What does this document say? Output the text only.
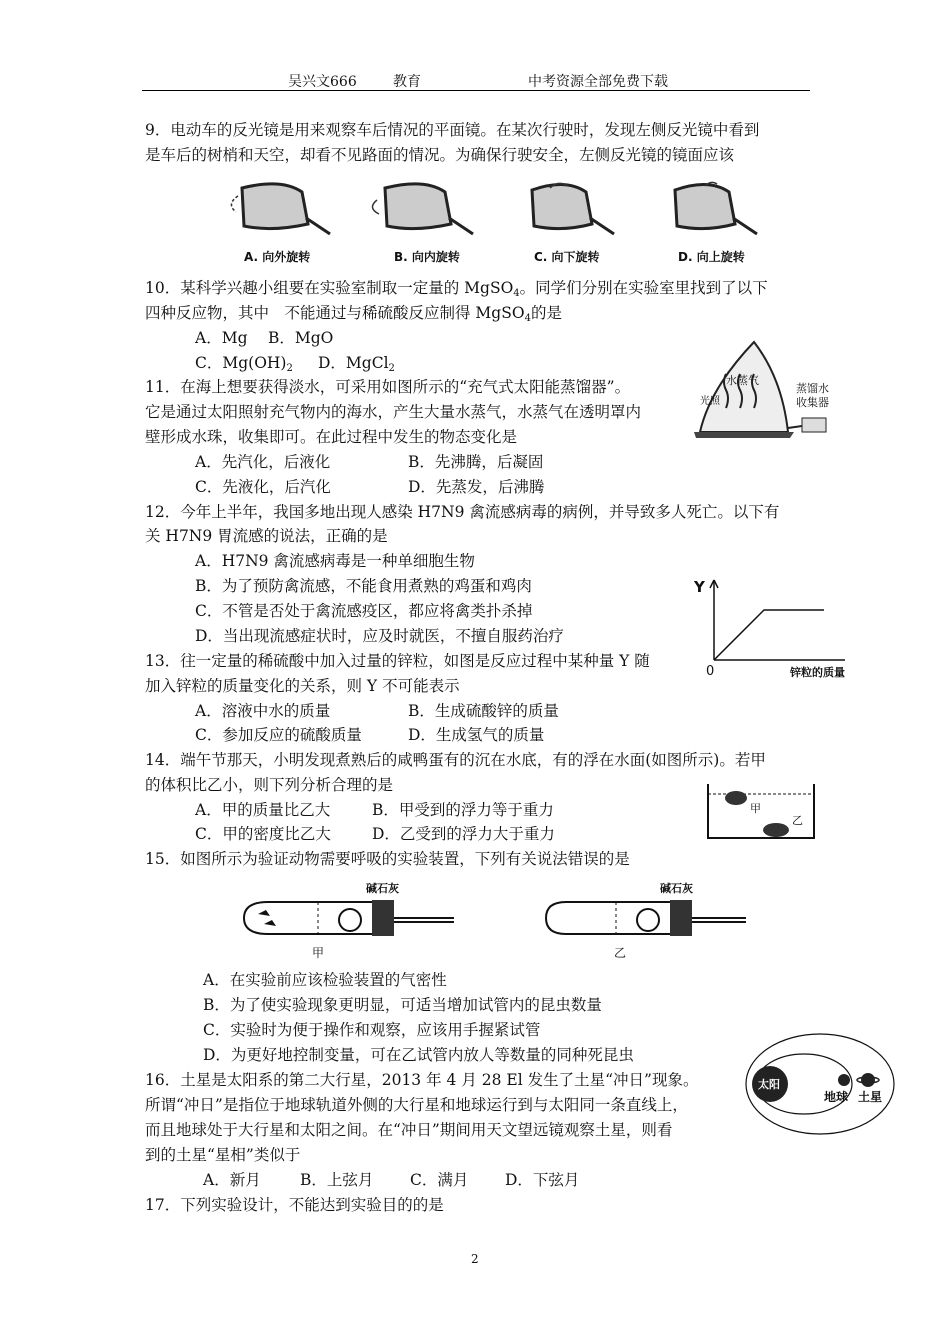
吴兴文666	教育	中考资源全部免费下载
9．电动车的反光镜是用来观察车后情况的平面镜。在某次行驶时，发现左侧反光镜中看到
是车后的树梢和天空，却看不见路面的情况。为确保行驶安全，左侧反光镜的镜面应该
A. 向外旋转	B. 向内旋转	C. 向下旋转	D. 向上旋转
10．某科学兴趣小组要在实验室制取一定量的 MgSO$_4$。同学们分别在实验室里找到了以下
四种反应物，其中　不能通过与稀硫酸反应制得 MgSO$_4$的是
A．Mg B．MgO
C．$Mg(OH)_2$ D．MgCl$_2$
11．在海上想要获得淡水，可采用如图所示的“充气式太阳能蒸馏器”。
它是通过太阳照射充气物内的海水，产生大量水蒸气，水蒸气在透明罩内
壁形成水珠，收集即可。在此过程中发生的物态变化是
A．先汽化，后液化	B．先沸腾，后凝固
C．先液化，后汽化	D．先蒸发，后沸腾
水蒸气
光照
蒸馏水
收集器
12．今年上半年，我国多地出现人感染 H7N9 禽流感病毒的病例，并导致多人死亡。以下有
关 H7N9 胃流感的说法，正确的是
A．H7N9 禽流感病毒是一种单细胞生物
B．为了预防禽流感，不能食用煮熟的鸡蛋和鸡肉
C．不管是否处于禽流感疫区，都应将禽类扑杀掉
D．当出现流感症状时，应及时就医，不擅自服药治疗
Y
0	锌粒的质量
13．往一定量的稀硫酸中加入过量的锌粒，如图是反应过程中某种量 Y 随
加入锌粒的质量变化的关系，则 Y 不可能表示
A．溶液中水的质量	B．生成硫酸锌的质量
C．参加反应的硫酸质量	D．生成氢气的质量
14．端午节那天，小明发现煮熟后的咸鸭蛋有的沉在水底，有的浮在水面(如图所示)。若甲
的体积比乙小，则下列分析合理的是
A．甲的质量比乙大	B．甲受到的浮力等于重力
C．甲的密度比乙大	D．乙受到的浮力大于重力
甲
乙
15．如图所示为验证动物需要呼吸的实验装置，下列有关说法错误的是
碱石灰
甲
碱石灰
乙
A．在实验前应该检验装置的气密性
B．为了使实验现象更明显，可适当增加试管内的昆虫数量
C．实验时为便于操作和观察，应该用手握紧试管
D．为更好地控制变量，可在乙试管内放人等数量的同种死昆虫
太阳
地球 土星
16．土星是太阳系的第二大行星，2013 年 4 月 28 El 发生了土星“冲日”现象。
所谓“冲日”是指位于地球轨道外侧的大行星和地球运行到与太阳同一条直线上，
而且地球处于大行星和太阳之间。在“冲日”期间用天文望远镜观察土星，则看
到的土星“星相”类似于
A．新月	B．上弦月 C．满月 D．下弦月
17．下列实验设计，不能达到实验目的的是
2
